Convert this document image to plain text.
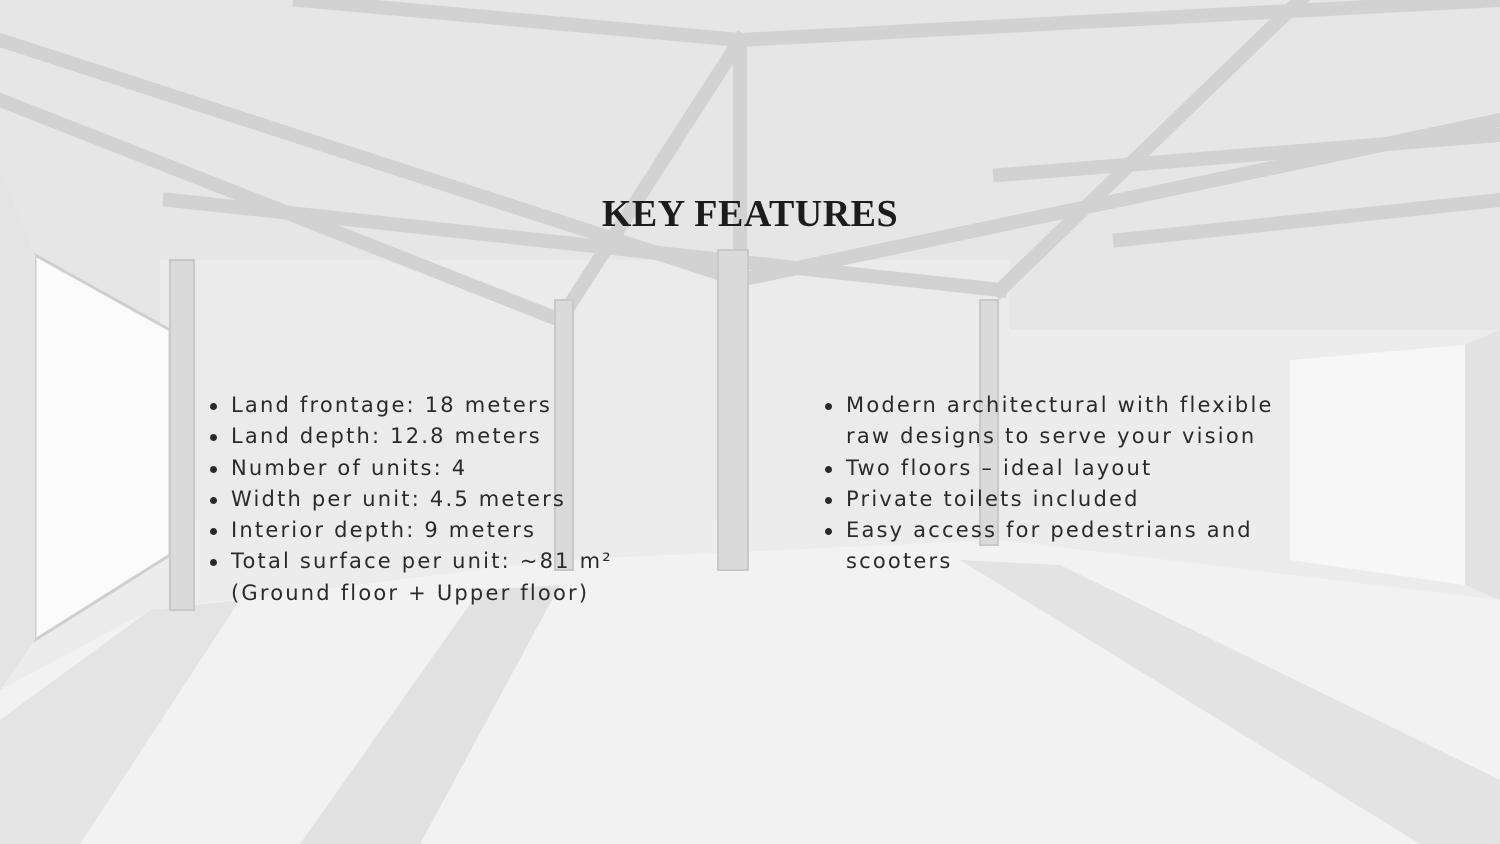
KEY FEATURES
Land frontage: 18 meters
Land depth: 12.8 meters
Number of units: 4
Width per unit: 4.5 meters
Interior depth: 9 meters
Total surface per unit: ~81 m² (Ground floor + Upper floor)
Modern architectural with flexible raw designs to serve your vision
Two floors – ideal layout
Private toilets included
Easy access for pedestrians and scooters
